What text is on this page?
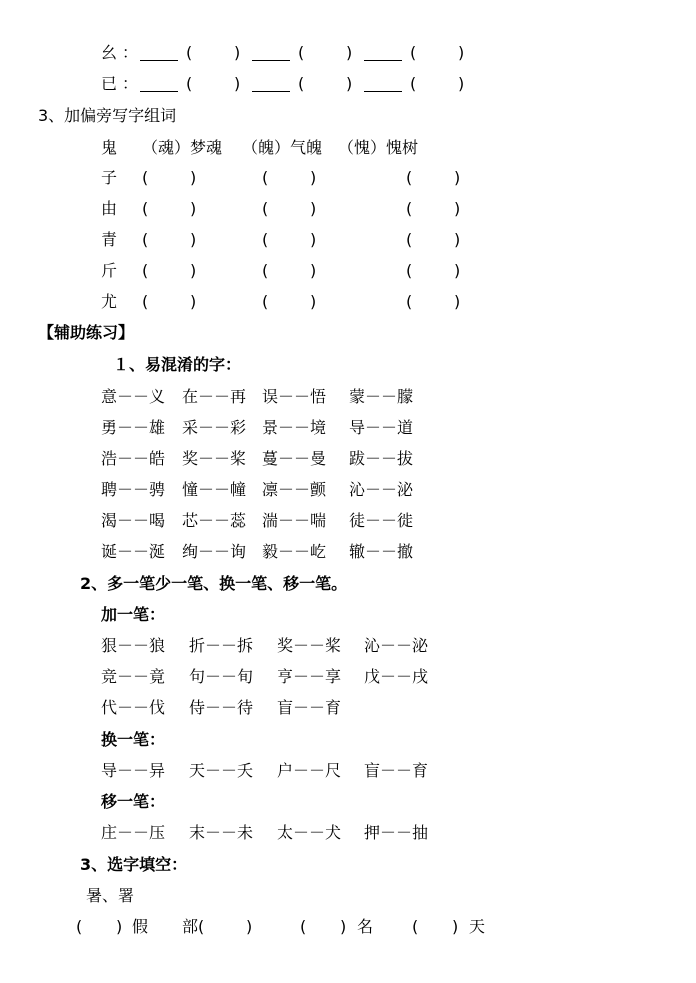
幺 ：	(	)	(	)	(	)
已 ：	(	)	(	)	(	)
3、加偏旁写字组词
鬼 （魂）梦魂 （魄）气魄 （愧）愧树
子 (	)	(	)	(	)
由 (	)	(	)	(	)
青 (	)	(	)	(	)
斤 (	)	(	)	(	)
尤 (	)	(	)	(	)
【辅助练习】
１、易混淆的字：
意－－义 在－－再 误－－悟 蒙－－朦
勇－－雄 采－－彩 景－－境 导－－道
浩－－皓 奖－－桨 蔓－－曼 跋－－拔
聘－－骋 憧－－幢 凛－－颤 沁－－泌
渴－－喝 芯－－蕊 湍－－喘 徒－－徙
诞－－涎 绚－－询 毅－－屹 辙－－撤
2、多一笔少一笔、换一笔、移一笔。
加一笔：
狠－－狼 折－－拆 奖－－桨 沁－－泌
竞－－竟 句－－旬 亨－－享 戊－－戌
代－－伐 侍－－待 盲－－育
换一笔：
导－－异 天－－夭 户－－尺 盲－－育
移一笔：
庄－－压 末－－未 太－－犬 押－－抽
3、选字填空：
暑、署
( ) 假 部(	)	( ) 名 ( ) 天
